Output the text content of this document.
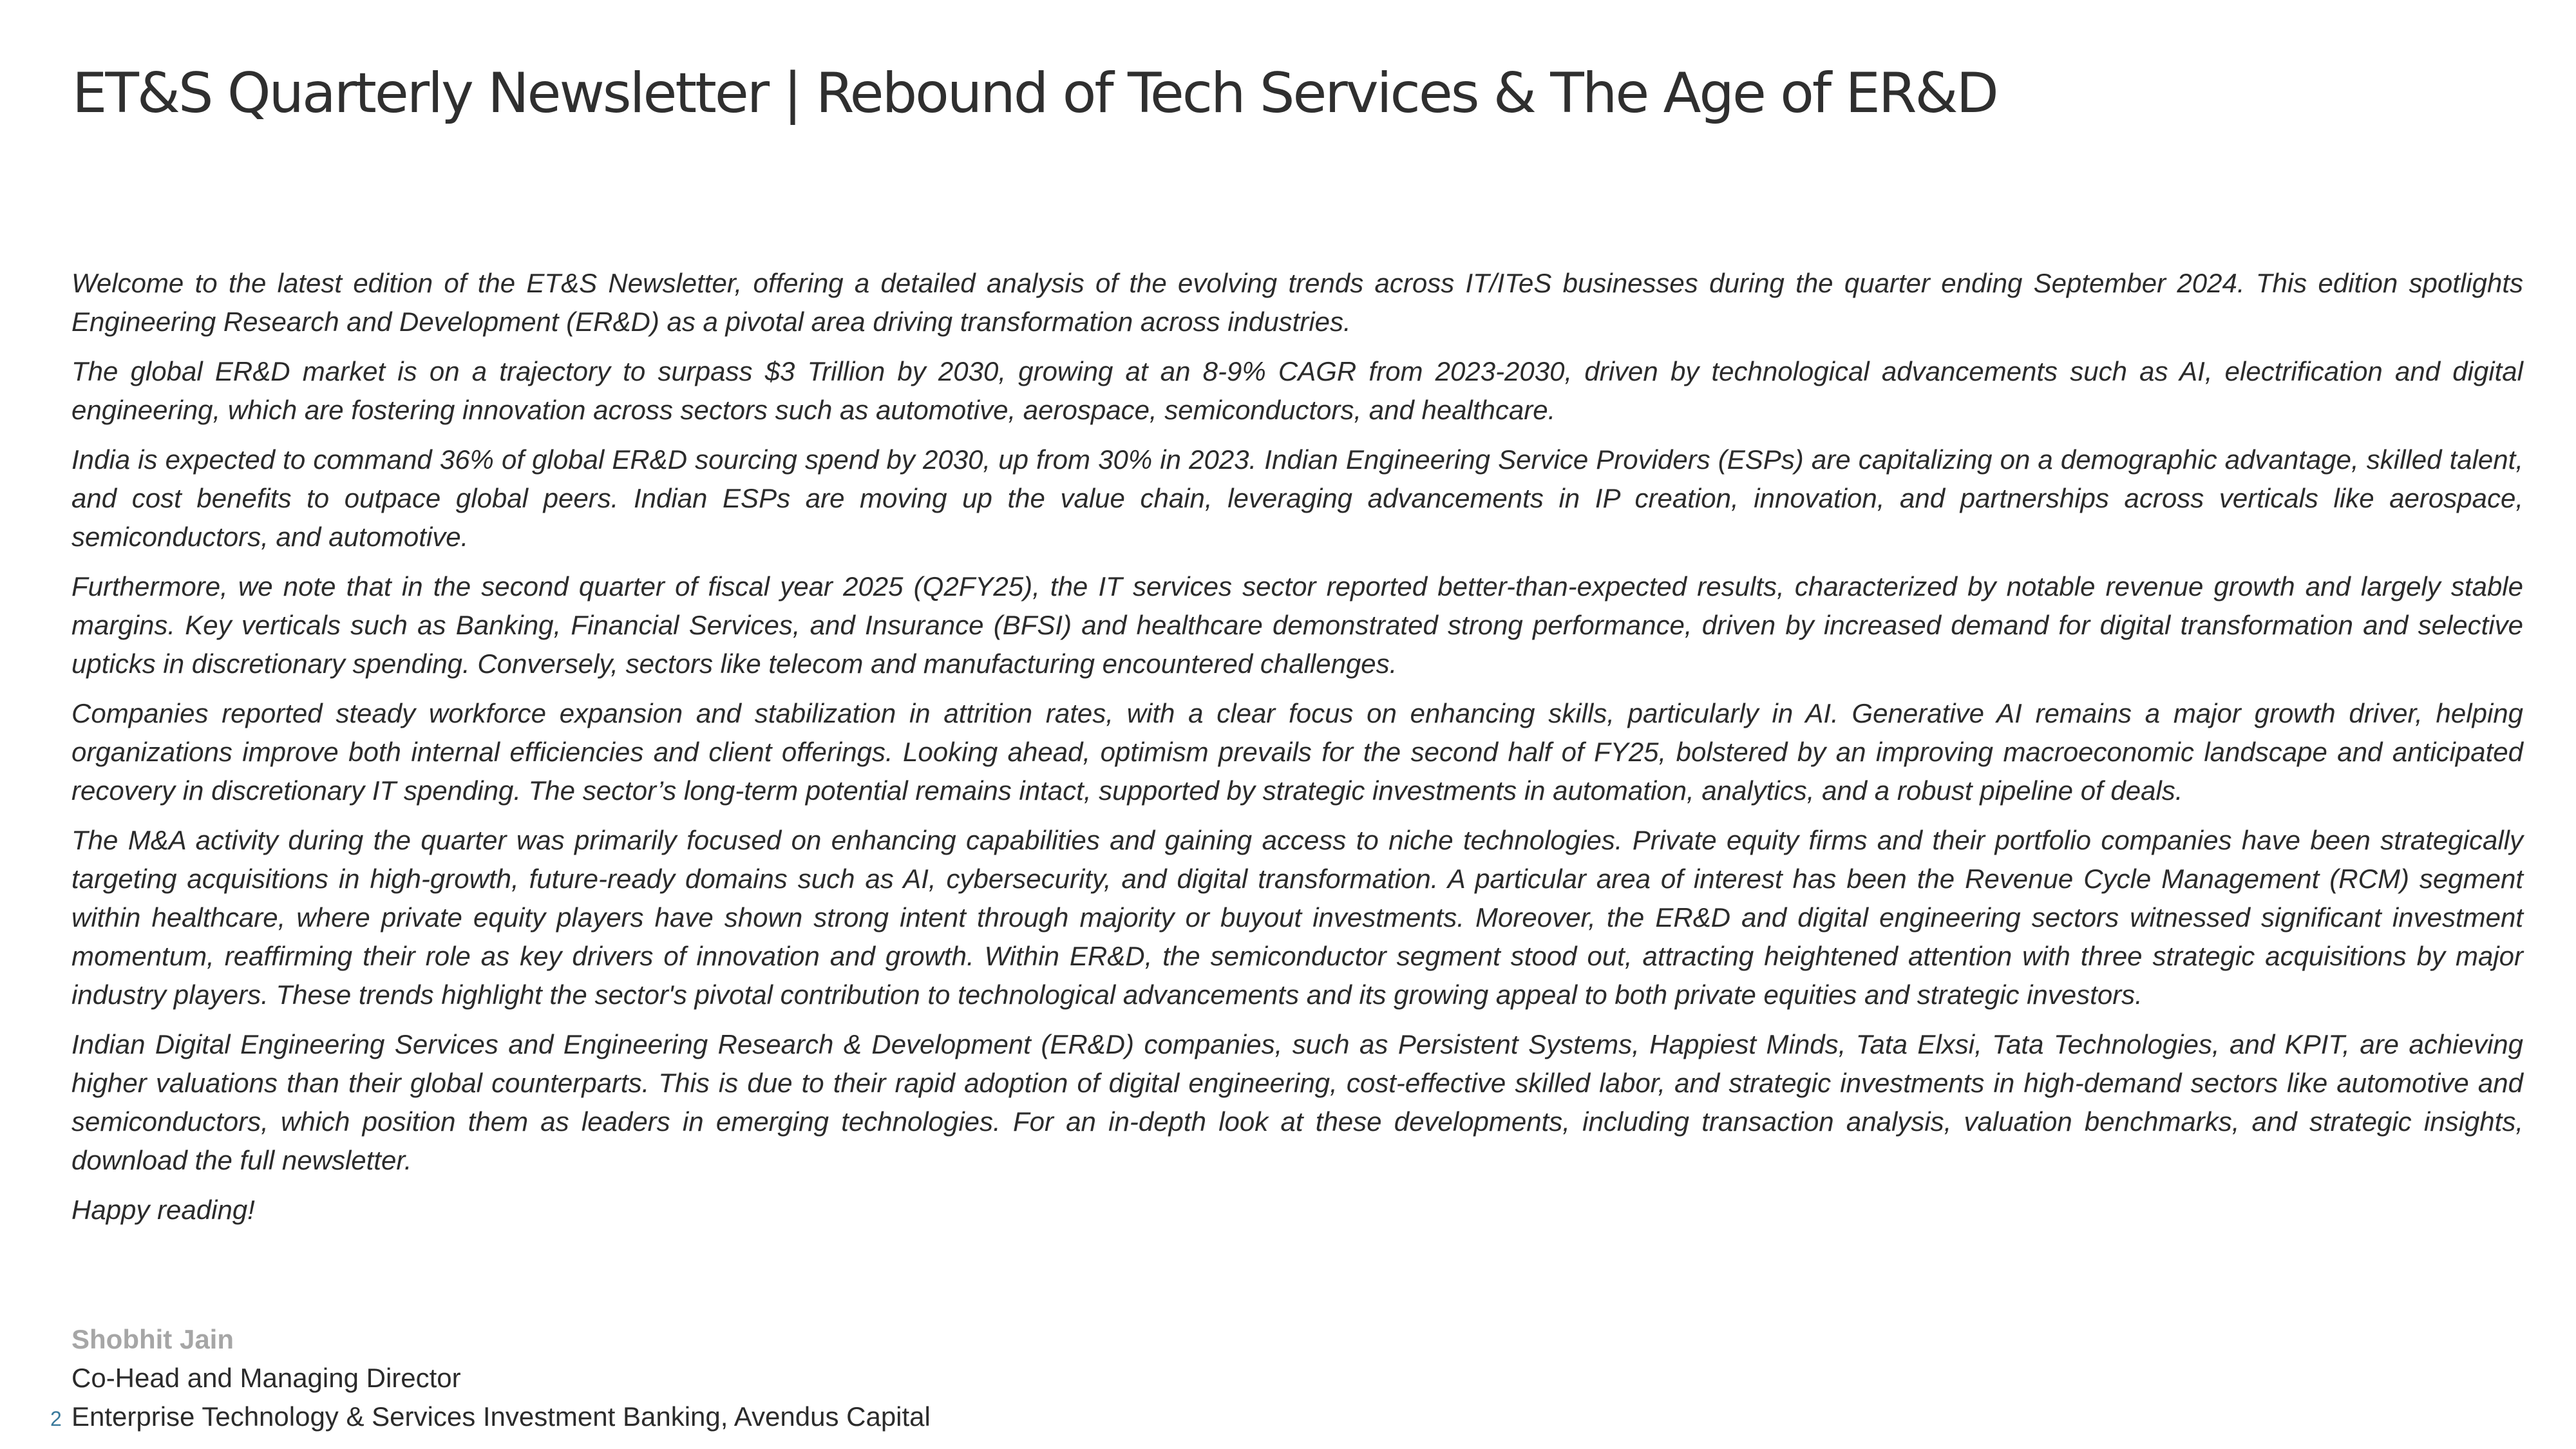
ET&S Quarterly Newsletter | Rebound of Tech Services & The Age of ER&D

Welcome to the latest edition of the ET&S Newsletter, offering a detailed analysis of the evolving trends across IT/ITeS businesses during the quarter ending September 2024. This edition spotlights Engineering Research and Development (ER&D) as a pivotal area driving transformation across industries.

The global ER&D market is on a trajectory to surpass $3 Trillion by 2030, growing at an 8-9% CAGR from 2023-2030, driven by technological advancements such as AI, electrification and digital engineering, which are fostering innovation across sectors such as automotive, aerospace, semiconductors, and healthcare.

India is expected to command 36% of global ER&D sourcing spend by 2030, up from 30% in 2023. Indian Engineering Service Providers (ESPs) are capitalizing on a demographic advantage, skilled talent, and cost benefits to outpace global peers. Indian ESPs are moving up the value chain, leveraging advancements in IP creation, innovation, and partnerships across verticals like aerospace, semiconductors, and automotive.

Furthermore, we note that in the second quarter of fiscal year 2025 (Q2FY25), the IT services sector reported better-than-expected results, characterized by notable revenue growth and largely stable margins. Key verticals such as Banking, Financial Services, and Insurance (BFSI) and healthcare demonstrated strong performance, driven by increased demand for digital transformation and selective upticks in discretionary spending. Conversely, sectors like telecom and manufacturing encountered challenges.

Companies reported steady workforce expansion and stabilization in attrition rates, with a clear focus on enhancing skills, particularly in AI. Generative AI remains a major growth driver, helping organizations improve both internal efficiencies and client offerings. Looking ahead, optimism prevails for the second half of FY25, bolstered by an improving macroeconomic landscape and anticipated recovery in discretionary IT spending. The sector’s long-term potential remains intact, supported by strategic investments in automation, analytics, and a robust pipeline of deals.

The M&A activity during the quarter was primarily focused on enhancing capabilities and gaining access to niche technologies. Private equity firms and their portfolio companies have been strategically targeting acquisitions in high-growth, future-ready domains such as AI, cybersecurity, and digital transformation. A particular area of interest has been the Revenue Cycle Management (RCM) segment within healthcare, where private equity players have shown strong intent through majority or buyout investments. Moreover, the ER&D and digital engineering sectors witnessed significant investment momentum, reaffirming their role as key drivers of innovation and growth. Within ER&D, the semiconductor segment stood out, attracting heightened attention with three strategic acquisitions by major industry players. These trends highlight the sector's pivotal contribution to technological advancements and its growing appeal to both private equities and strategic investors.

Indian Digital Engineering Services and Engineering Research & Development (ER&D) companies, such as Persistent Systems, Happiest Minds, Tata Elxsi, Tata Technologies, and KPIT, are achieving higher valuations than their global counterparts. This is due to their rapid adoption of digital engineering, cost-effective skilled labor, and strategic investments in high-demand sectors like automotive and semiconductors, which position them as leaders in emerging technologies. For an in-depth look at these developments, including transaction analysis, valuation benchmarks, and strategic insights, download the full newsletter.

Happy reading!

Shobhit Jain
Co-Head and Managing Director
Enterprise Technology & Services Investment Banking, Avendus Capital
2
